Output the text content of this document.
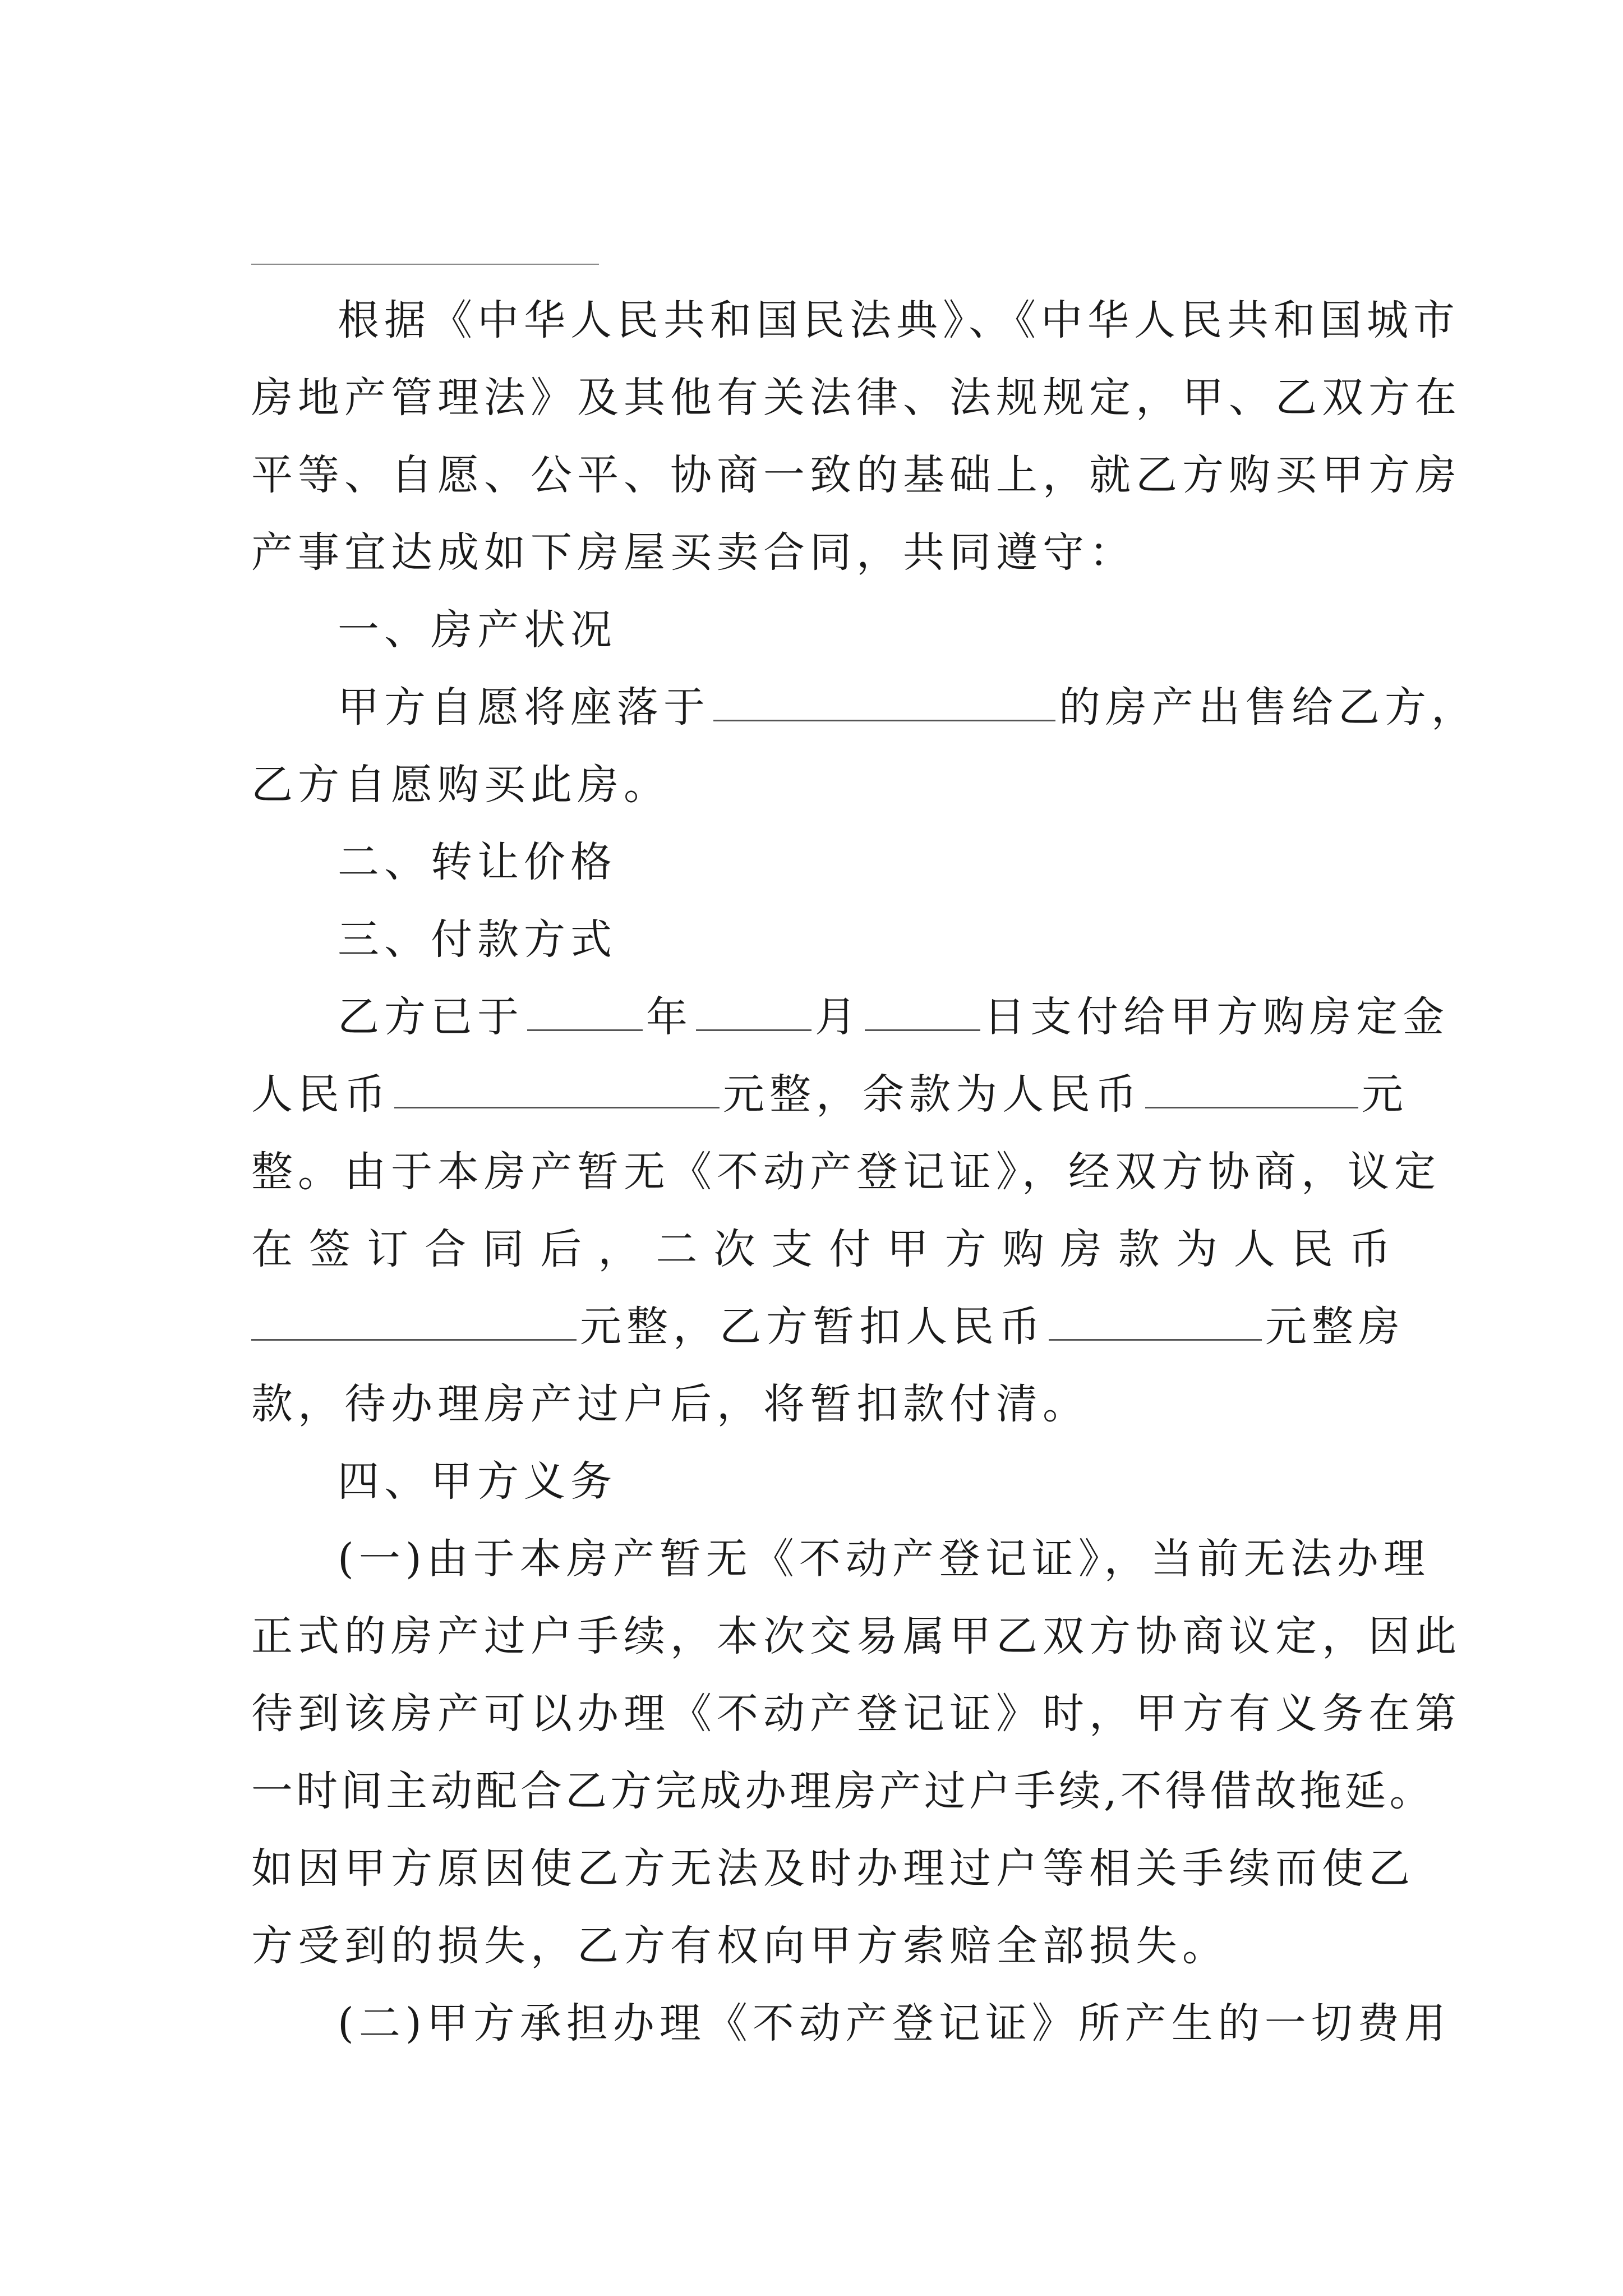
根据《中华人民共和国民法典》、《中华人民共和国城市
房地产管理法》及其他有关法律、法规规定，甲、乙双方在
平等、自愿、公平、协商一致的基础上，就乙方购买甲方房
产事宜达成如下房屋买卖合同，共同遵守：
一、房产状况
甲方自愿将座落于	的房产出售给乙方，
乙方自愿购买此房。
二、转让价格
三、付款方式
乙方已于	年	月	日支付给甲方购房定金
人民币	元整，余款为人民币	元
整。由于本房产暂无《不动产登记证》，经双方协商，议定
在 签 订 合 同 后 ， 二 次 支 付 甲 方 购 房 款 为 人 民 币
元整，乙方暂扣人民币	元整房
款，待办理房产过户后，将暂扣款付清。
四、甲方义务
(一)由于本房产暂无《不动产登记证》，当前无法办理
正式的房产过户手续，本次交易属甲乙双方协商议定，因此
待到该房产可以办理《不动产登记证》时，甲方有义务在第
一时间主动配合乙方完成办理房产过户手续,不得借故拖延。
如因甲方原因使乙方无法及时办理过户等相关手续而使乙
方受到的损失，乙方有权向甲方索赔全部损失。
(二)甲方承担办理《不动产登记证》所产生的一切费用
